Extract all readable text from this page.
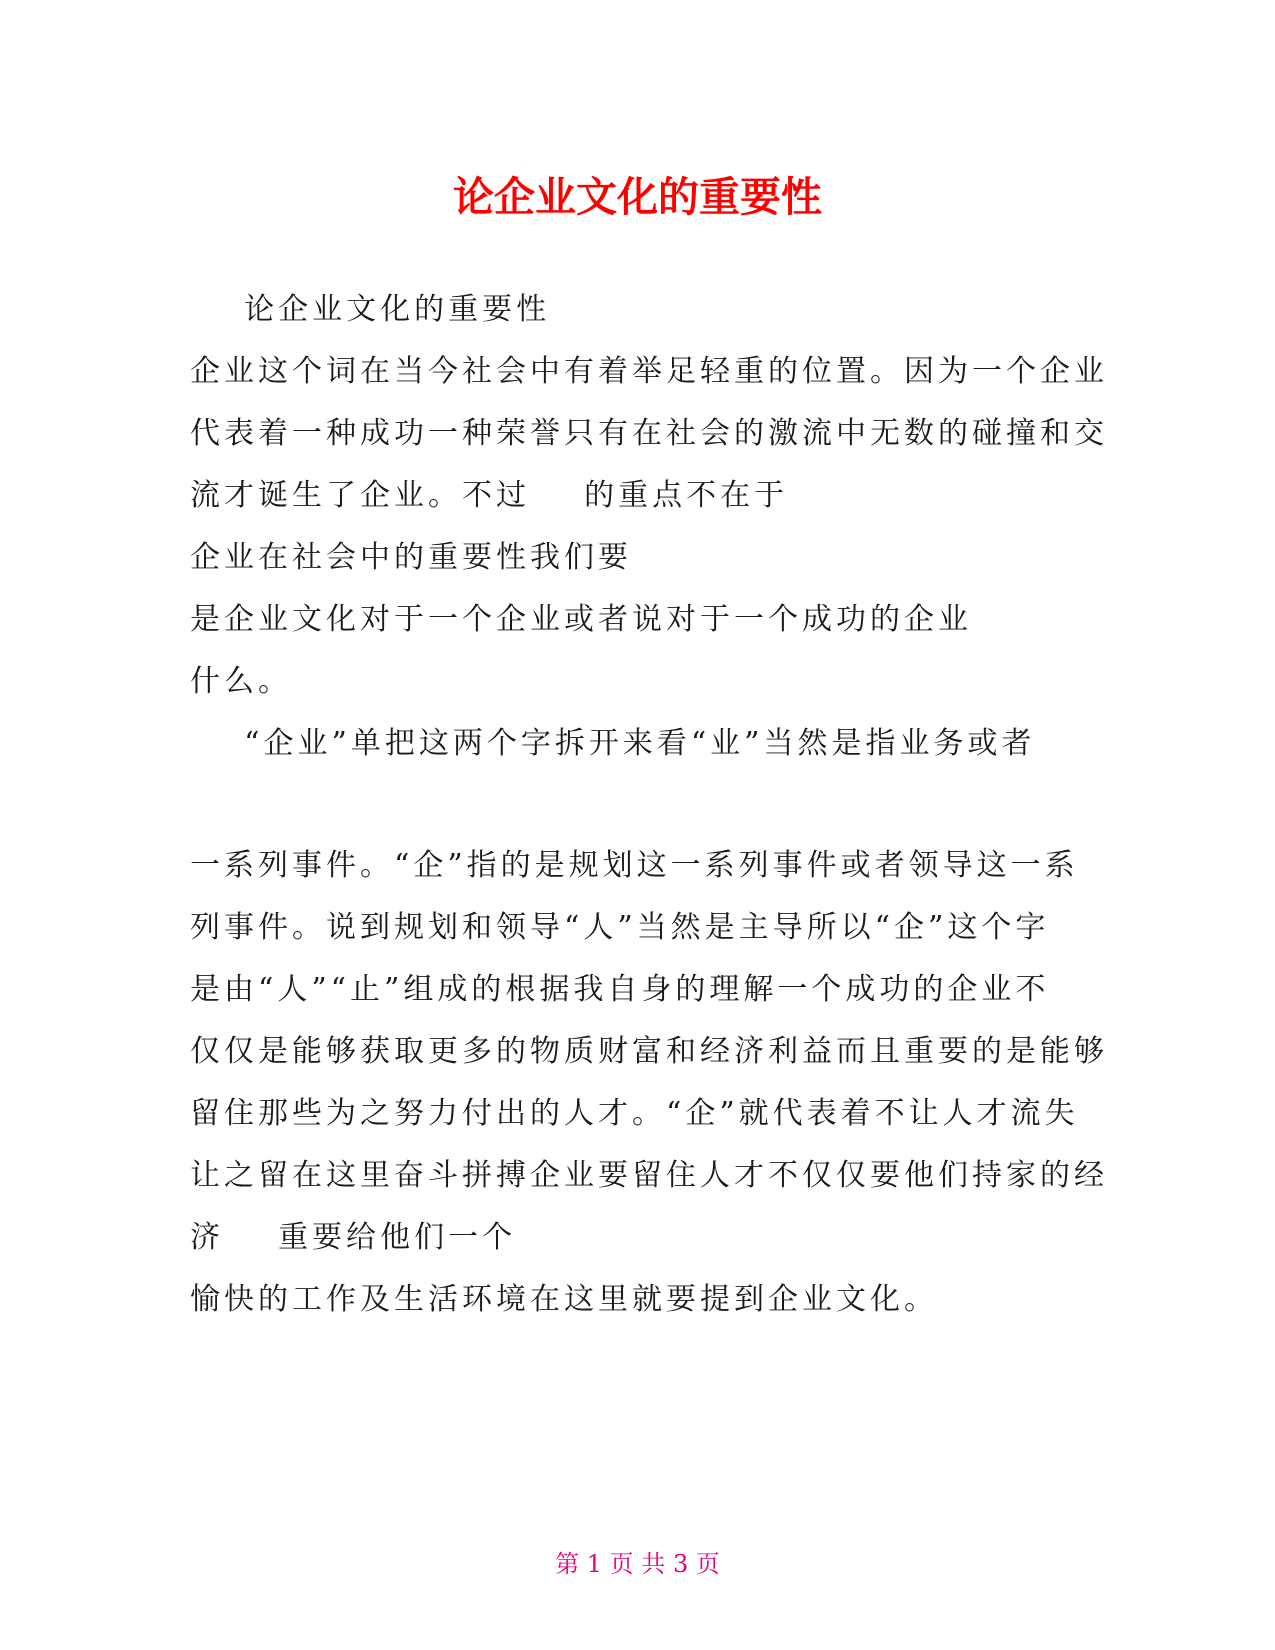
论企业文化的重要性
论企业文化的重要性
企业这个词在当今社会中有着举足轻重的位置。因为一个企业
代表着一种成功一种荣誉只有在社会的激流中无数的碰撞和交
流才诞生了企业。不过    的重点不在于
企业在社会中的重要性我们要
是企业文化对于一个企业或者说对于一个成功的企业
什么。
“企业”单把这两个字拆开来看“业”当然是指业务或者
一系列事件。“企”指的是规划这一系列事件或者领导这一系
列事件。说到规划和领导“人”当然是主导所以“企”这个字
是由“人”“止”组成的根据我自身的理解一个成功的企业不
仅仅是能够获取更多的物质财富和经济利益而且重要的是能够
留住那些为之努力付出的人才。“企”就代表着不让人才流失
让之留在这里奋斗拼搏企业要留住人才不仅仅要他们持家的经
济    重要给他们一个
愉快的工作及生活环境在这里就要提到企业文化。
第 1 页 共 3 页
